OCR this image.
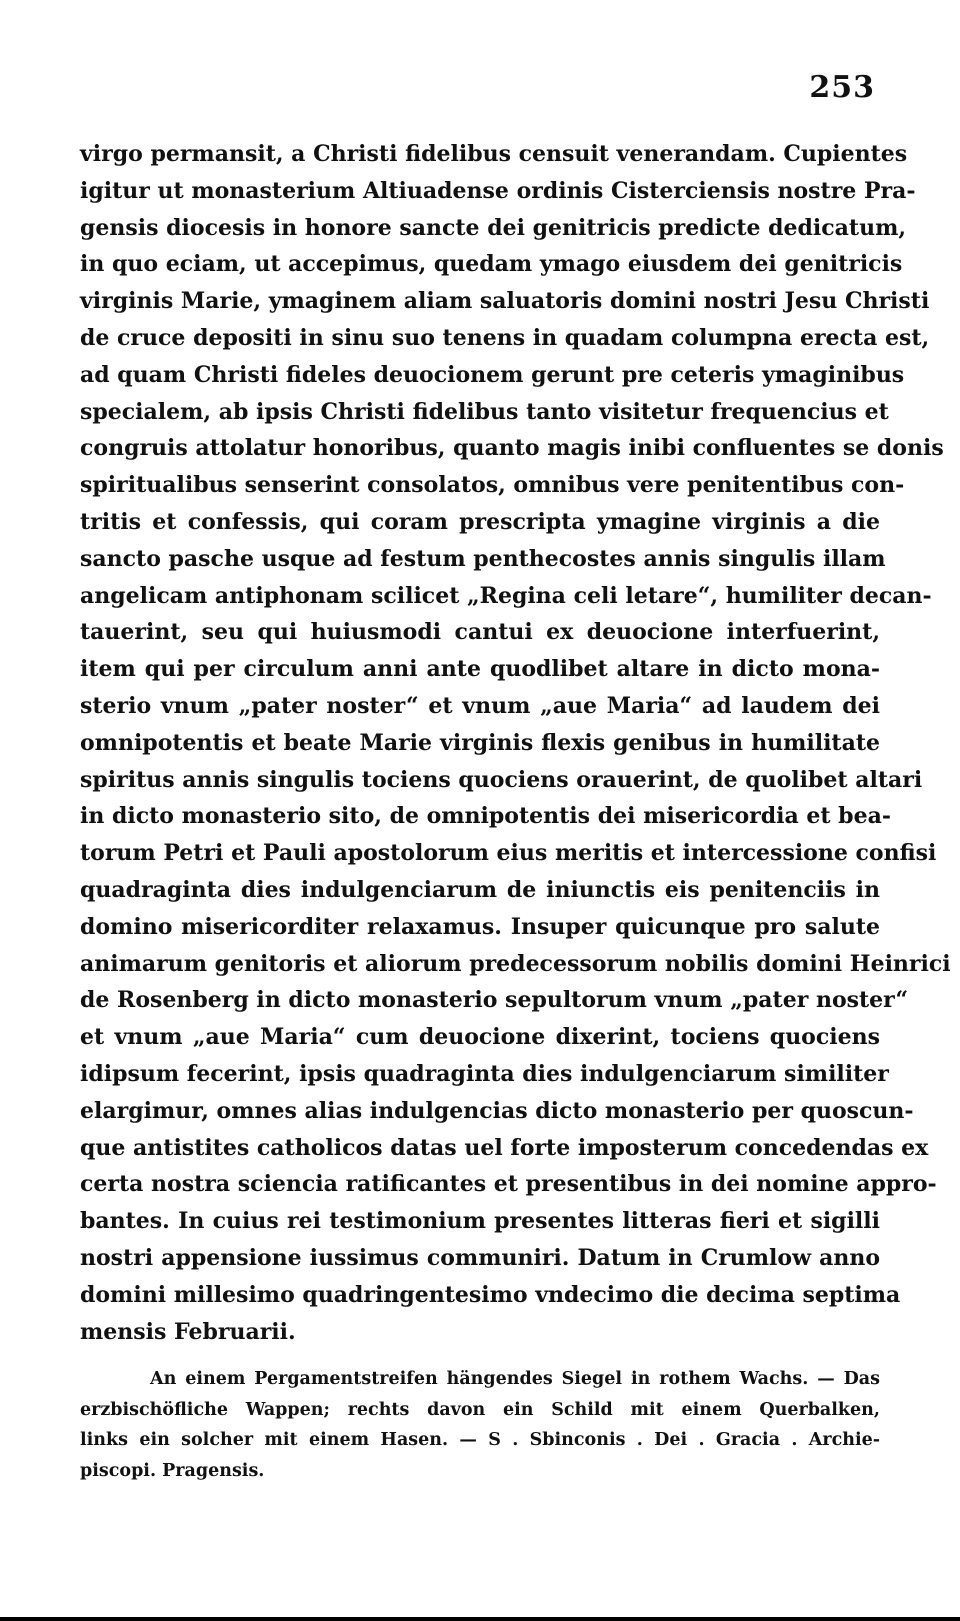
253
virgo permansit, a Christi fidelibus censuit venerandam. Cupientes
igitur ut monasterium Altiuadense ordinis Cisterciensis nostre Pra-
gensis diocesis in honore sancte dei genitricis predicte dedicatum,
in quo eciam, ut accepimus, quedam ymago eiusdem dei genitricis
virginis Marie, ymaginem aliam saluatoris domini nostri Jesu Christi
de cruce depositi in sinu suo tenens in quadam columpna erecta est,
ad quam Christi fideles deuocionem gerunt pre ceteris ymaginibus
specialem, ab ipsis Christi fidelibus tanto visitetur frequencius et
congruis attolatur honoribus, quanto magis inibi confluentes se donis
spiritualibus senserint consolatos, omnibus vere penitentibus con-
tritis et confessis, qui coram prescripta ymagine virginis a die
sancto pasche usque ad festum penthecostes annis singulis illam
angelicam antiphonam scilicet „Regina celi letare“, humiliter decan-
tauerint, seu qui huiusmodi cantui ex deuocione interfuerint,
item qui per circulum anni ante quodlibet altare in dicto mona-
sterio vnum „pater noster“ et vnum „aue Maria“ ad laudem dei
omnipotentis et beate Marie virginis flexis genibus in humilitate
spiritus annis singulis tociens quociens orauerint, de quolibet altari
in dicto monasterio sito, de omnipotentis dei misericordia et bea-
torum Petri et Pauli apostolorum eius meritis et intercessione confisi
quadraginta dies indulgenciarum de iniunctis eis penitenciis in
domino misericorditer relaxamus. Insuper quicunque pro salute
animarum genitoris et aliorum predecessorum nobilis domini Heinrici
de Rosenberg in dicto monasterio sepultorum vnum „pater noster“
et vnum „aue Maria“ cum deuocione dixerint, tociens quociens
idipsum fecerint, ipsis quadraginta dies indulgenciarum similiter
elargimur, omnes alias indulgencias dicto monasterio per quoscun-
que antistites catholicos datas uel forte imposterum concedendas ex
certa nostra sciencia ratificantes et presentibus in dei nomine appro-
bantes. In cuius rei testimonium presentes litteras fieri et sigilli
nostri appensione iussimus communiri. Datum in Crumlow anno
domini millesimo quadringentesimo vndecimo die decima septima
mensis Februarii.
An einem Pergamentstreifen hängendes Siegel in rothem Wachs. — Das
erzbischöfliche Wappen; rechts davon ein Schild mit einem Querbalken,
links ein solcher mit einem Hasen. — S . Sbinconis . Dei . Gracia . Archie-
piscopi. Pragensis.
